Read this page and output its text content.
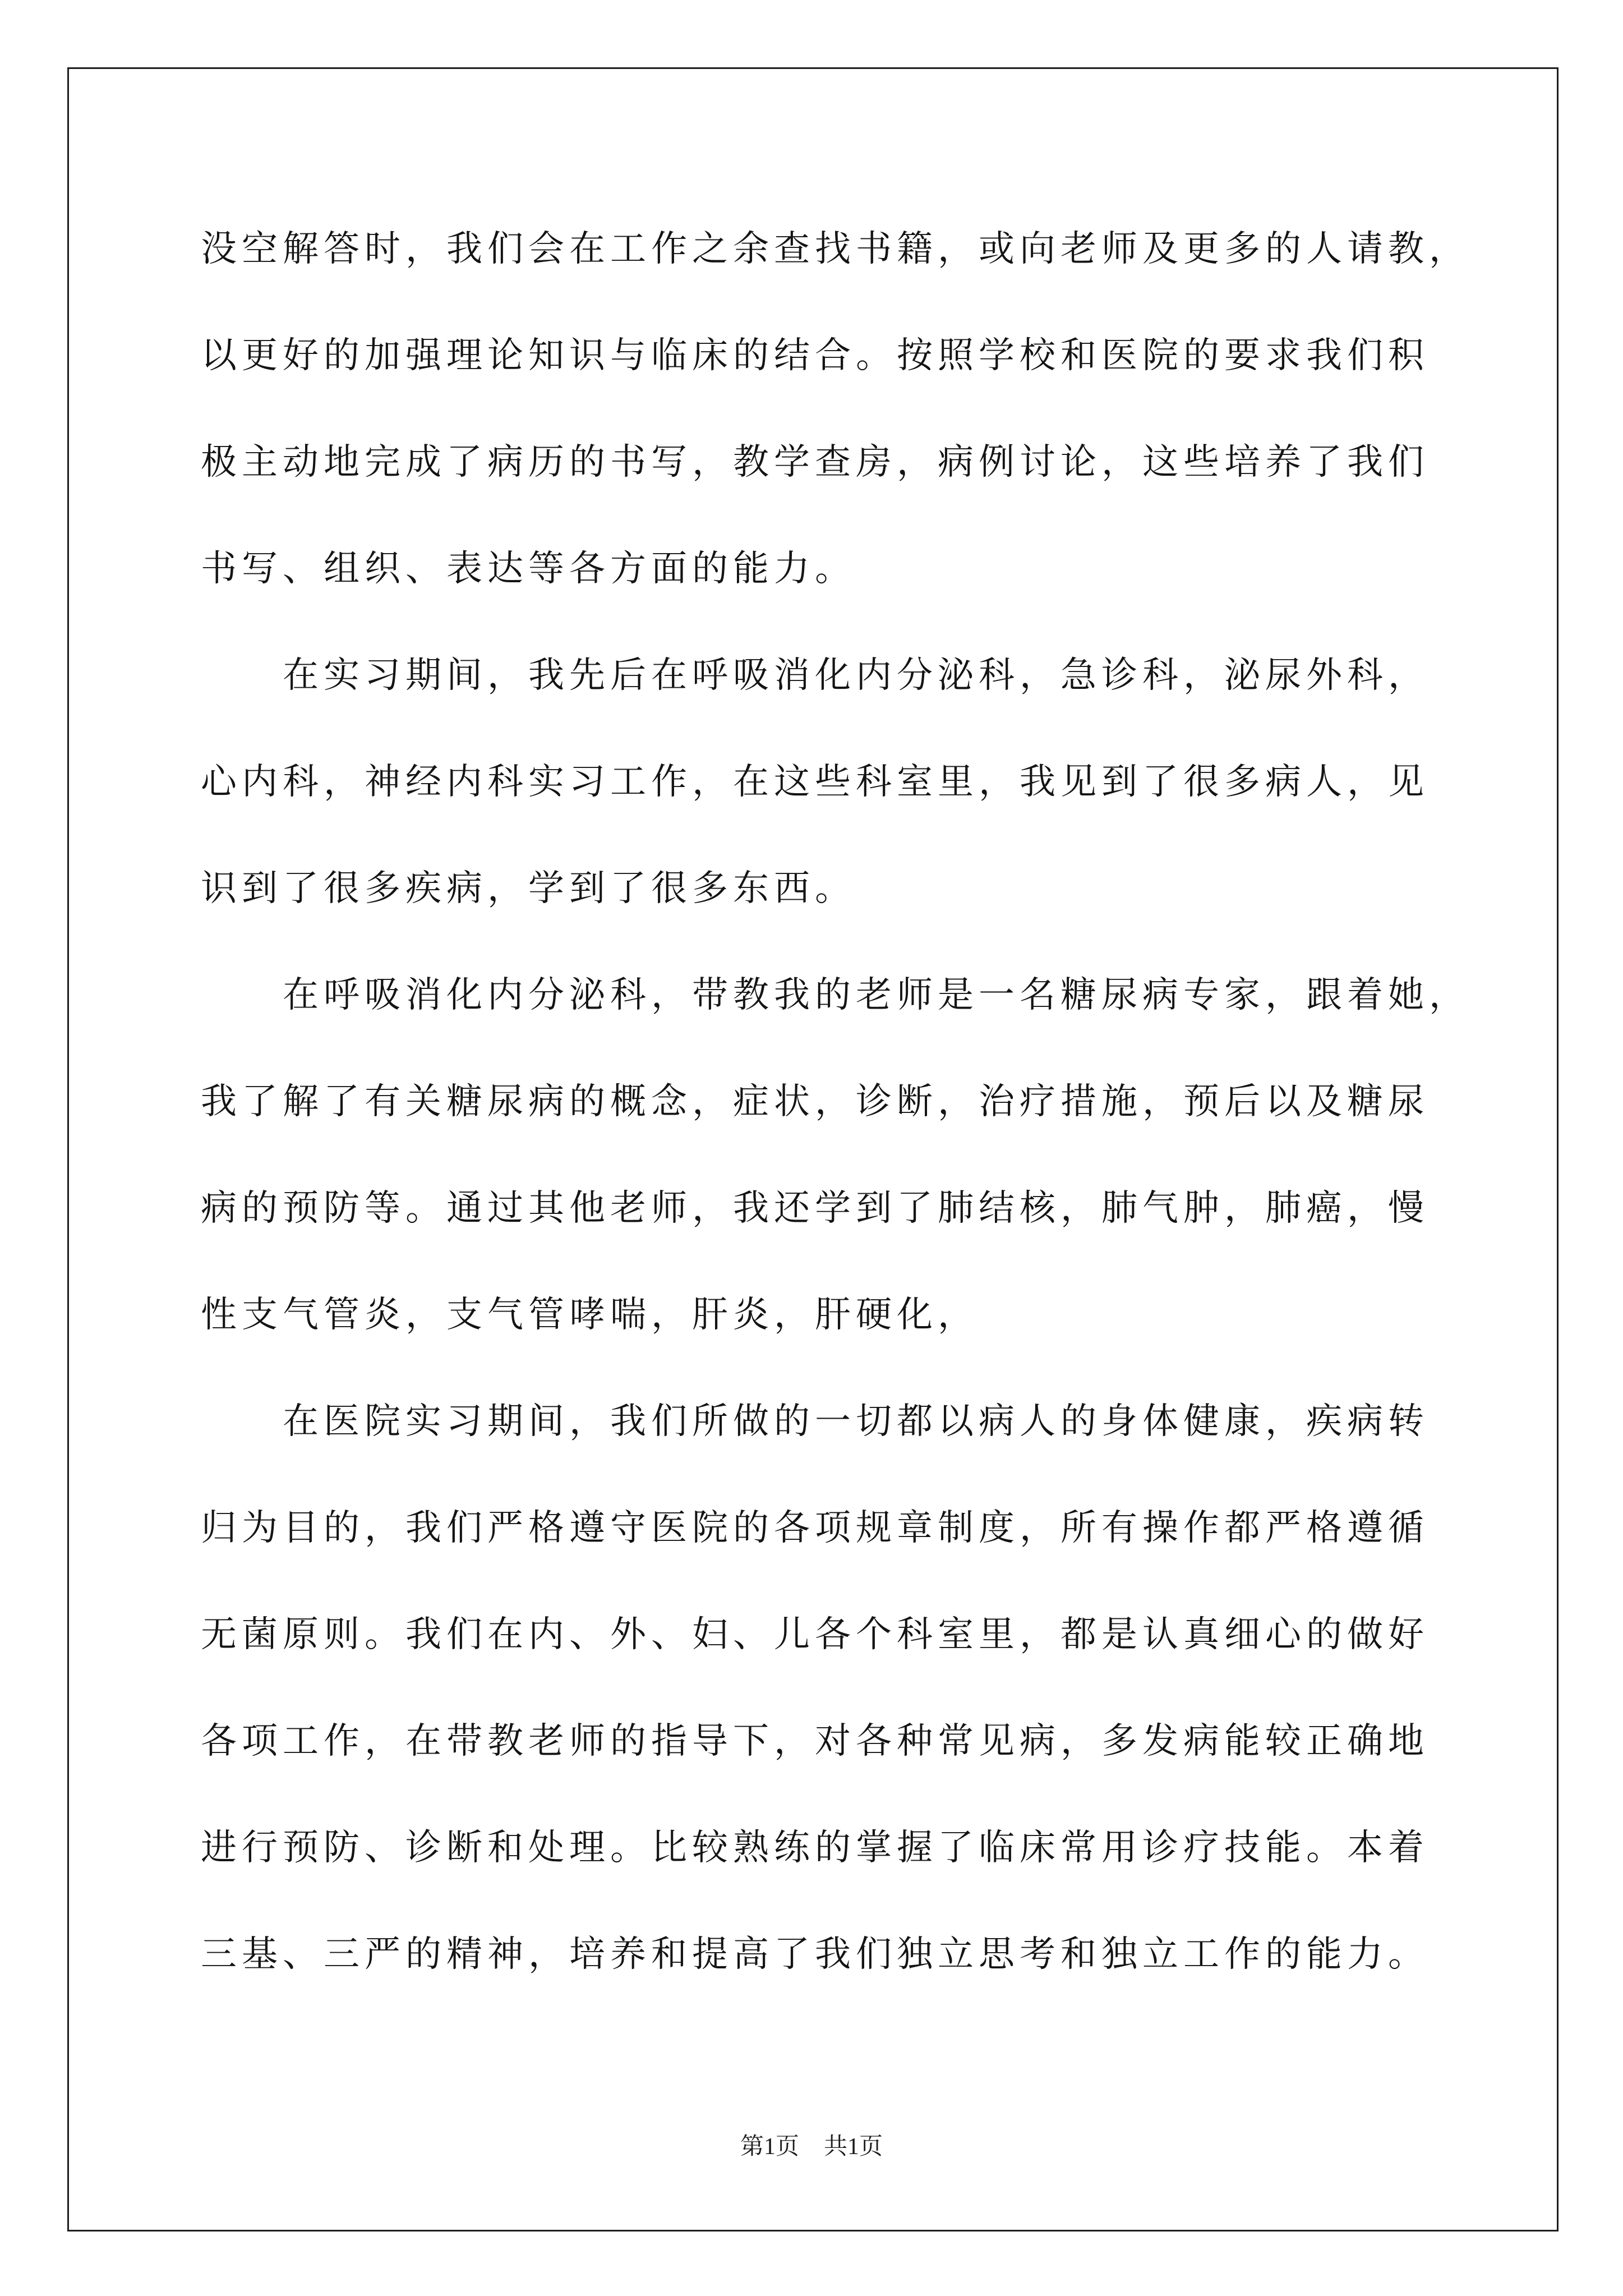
没空解答时，我们会在工作之余查找书籍，或向老师及更多的人请教，
以更好的加强理论知识与临床的结合。按照学校和医院的要求我们积
极主动地完成了病历的书写，教学查房，病例讨论，这些培养了我们
书写、组织、表达等各方面的能力。
在实习期间，我先后在呼吸消化内分泌科，急诊科，泌尿外科，
心内科，神经内科实习工作，在这些科室里，我见到了很多病人，见
识到了很多疾病，学到了很多东西。
在呼吸消化内分泌科，带教我的老师是一名糖尿病专家，跟着她，
我了解了有关糖尿病的概念，症状，诊断，治疗措施，预后以及糖尿
病的预防等。通过其他老师，我还学到了肺结核，肺气肿，肺癌，慢
性支气管炎，支气管哮喘，肝炎，肝硬化，
在医院实习期间，我们所做的一切都以病人的身体健康，疾病转
归为目的，我们严格遵守医院的各项规章制度，所有操作都严格遵循
无菌原则。我们在内、外、妇、儿各个科室里，都是认真细心的做好
各项工作，在带教老师的指导下，对各种常见病，多发病能较正确地
进行预防、诊断和处理。比较熟练的掌握了临床常用诊疗技能。本着
三基、三严的精神，培养和提高了我们独立思考和独立工作的能力。
第1页 共1页
